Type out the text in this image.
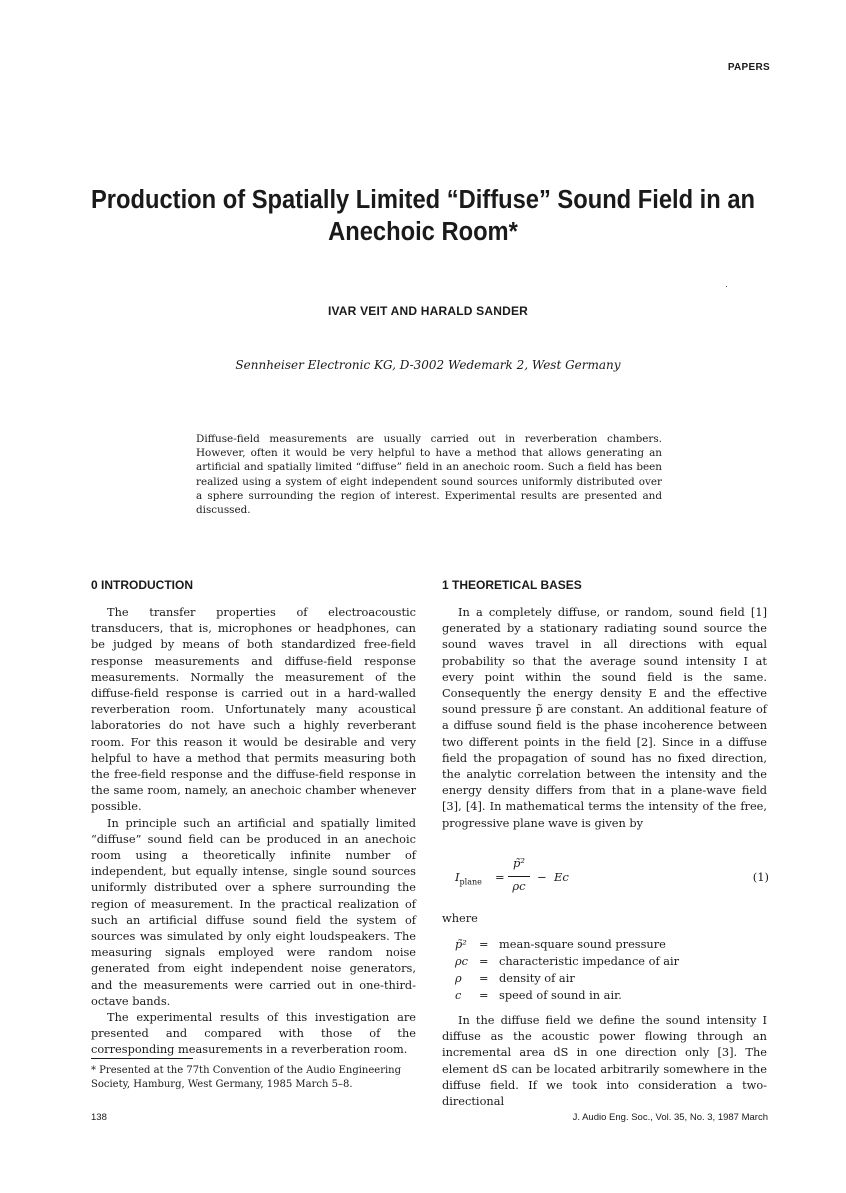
PAPERS
Production of Spatially Limited “Diffuse” Sound Field in an Anechoic Room*
IVAR VEIT AND HARALD SANDER
Sennheiser Electronic KG, D-3002 Wedemark 2, West Germany
Diffuse-field measurements are usually carried out in reverberation chambers. However, often it would be very helpful to have a method that allows generating an artificial and spatially limited “diffuse” field in an anechoic room. Such a field has been realized using a system of eight independent sound sources uniformly distributed over a sphere surrounding the region of interest. Experimental results are presented and discussed.
0 INTRODUCTION

The transfer properties of electroacoustic transducers, that is, microphones or headphones, can be judged by means of both standardized free-field response measurements and diffuse-field response measurements. Normally the measurement of the diffuse-field response is carried out in a hard-walled reverberation room. Unfortunately many acoustical laboratories do not have such a highly reverberant room. For this reason it would be desirable and very helpful to have a method that permits measuring both the free-field response and the diffuse-field response in the same room, namely, an anechoic chamber whenever possible.

In principle such an artificial and spatially limited “diffuse” sound field can be produced in an anechoic room using a theoretically infinite number of independent, but equally intense, single sound sources uniformly distributed over a sphere surrounding the region of measurement. In the practical realization of such an artificial diffuse sound field the system of sources was simulated by only eight loudspeakers. The measuring signals employed were random noise generated from eight independent noise generators, and the measurements were carried out in one-third-octave bands.

The experimental results of this investigation are presented and compared with those of the corresponding measurements in a reverberation room.

1 THEORETICAL BASES

In a completely diffuse, or random, sound field [1] generated by a stationary radiating sound source the sound waves travel in all directions with equal probability so that the average sound intensity I at every point within the sound field is the same. Consequently the energy density E and the effective sound pressure p̃ are constant. An additional feature of a diffuse sound field is the phase incoherence between two different points in the field [2]. Since in a diffuse field the propagation of sound has no fixed direction, the analytic correlation between the intensity and the energy density differs from that in a plane-wave field [3], [4]. In mathematical terms the intensity of the free, progressive plane wave is given by

$I_{plane}$ =
p̃²
ρc
− Ec	(1)
where
p̃²	= mean-square sound pressure
ρc = characteristic impedance of air
ρ	= density of air
c	= speed of sound in air.

In the diffuse field we define the sound intensity I diffuse as the acoustic power flowing through an incremental area dS in one direction only [3]. The element dS can be located arbitrarily somewhere in the diffuse field. If we took into consideration a two-directional

* Presented at the 77th Convention of the Audio Engineering Society, Hamburg, West Germany, 1985 March 5–8.
138	J. Audio Eng. Soc., Vol. 35, No. 3, 1987 March
